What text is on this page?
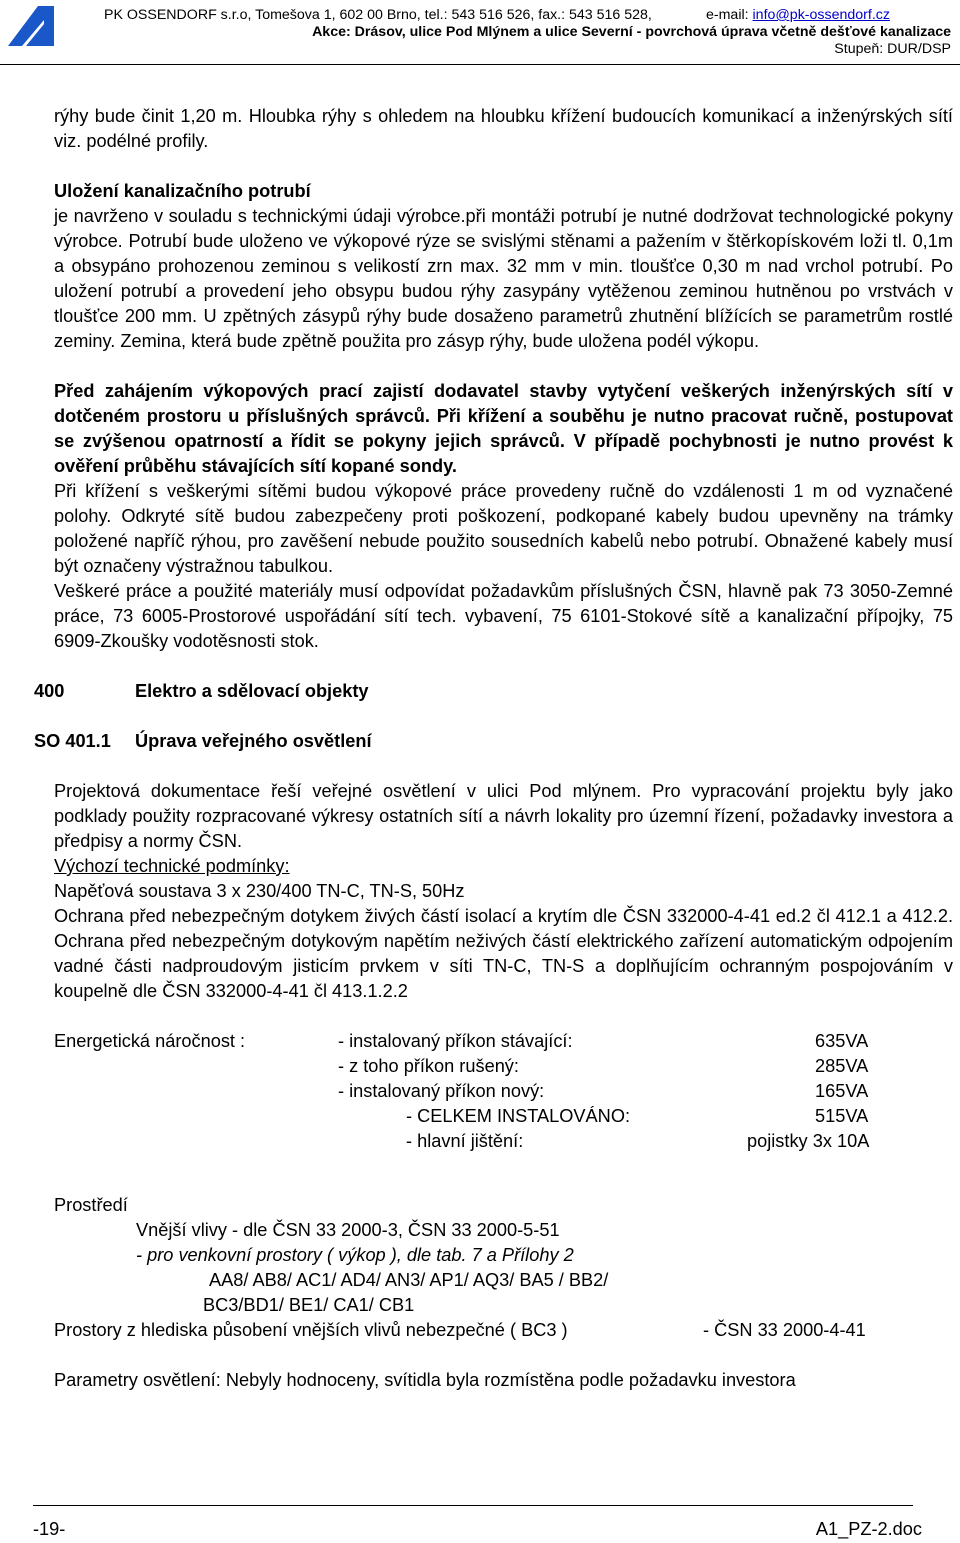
PK OSSENDORF s.r.o, Tomešova 1, 602 00 Brno, tel.: 543 516 526, fax.: 543 516 528,	e-mail: info@pk-ossendorf.cz
Akce: Drásov, ulice Pod Mlýnem a ulice Severní - povrchová úprava včetně dešťové kanalizace
Stupeň: DUR/DSP

rýhy bude činit 1,20 m. Hloubka rýhy s ohledem na hloubku křížení budoucích komunikací a inženýrských sítí viz. podélné profily.

Uložení kanalizačního potrubí

je navrženo v souladu s technickými údaji výrobce.při montáži potrubí je nutné dodržovat technologické pokyny výrobce. Potrubí bude uloženo ve výkopové rýze se svislými stěnami a pažením v štěrkopískovém loži tl. 0,1m a obsypáno prohozenou zeminou s velikostí zrn max. 32 mm v min. tloušťce 0,30 m nad vrchol potrubí. Po uložení potrubí a provedení jeho obsypu budou rýhy zasypány vytěženou zeminou hutněnou po vrstvách v tloušťce 200 mm. U zpětných zásypů rýhy bude dosaženo parametrů zhutnění blížících se parametrům rostlé zeminy. Zemina, která bude zpětně použita pro zásyp rýhy, bude uložena podél výkopu.

Před zahájením výkopových prací zajistí dodavatel stavby vytyčení veškerých inženýrských sítí v dotčeném prostoru u příslušných správců. Při křížení a souběhu je nutno pracovat ručně, postupovat se zvýšenou opatrností a řídit se pokyny jejich správců. V případě pochybnosti je nutno provést k ověření průběhu stávajících sítí kopané sondy.

Při křížení s veškerými sítěmi budou výkopové práce provedeny ručně do vzdálenosti 1 m od vyznačené polohy. Odkryté sítě budou zabezpečeny proti poškození, podkopané kabely budou upevněny na trámky položené napříč rýhou, pro zavěšení nebude použito sousedních kabelů nebo potrubí. Obnažené kabely musí být označeny výstražnou tabulkou.

Veškeré práce a použité materiály musí odpovídat požadavkům příslušných ČSN, hlavně pak 73 3050-Zemné práce, 73 6005-Prostorové uspořádání sítí tech. vybavení, 75 6101-Stokové sítě a kanalizační přípojky, 75 6909-Zkoušky vodotěsnosti stok.

400	Elektro a sdělovací objekty
SO 401.1 Úprava veřejného osvětlení

Projektová dokumentace řeší veřejné osvětlení v ulici Pod mlýnem. Pro vypracování projektu byly jako podklady použity rozpracované výkresy ostatních sítí a návrh lokality pro územní řízení, požadavky investora a předpisy a normy ČSN.

Výchozí technické podmínky:

Napěťová soustava 3 x 230/400 TN-C, TN-S, 50Hz

Ochrana před nebezpečným dotykem živých částí isolací a krytím dle ČSN 332000-4-41 ed.2 čl 412.1 a 412.2. Ochrana před nebezpečným dotykovým napětím neživých částí elektrického zařízení automatickým odpojením vadné části nadproudovým jisticím prvkem v síti TN-C, TN-S a doplňujícím ochranným pospojováním v koupelně dle ČSN 332000-4-41 čl 413.1.2.2

Energetická náročnost :	- instalovaný příkon stávající:	635VA
- z toho příkon rušený:	285VA
- instalovaný příkon nový:	165VA
- CELKEM INSTALOVÁNO:	515VA
- hlavní jištění:	pojistky 3x 10A
Prostředí
Vnější vlivy - dle ČSN 33 2000-3, ČSN 33 2000-5-51
- pro venkovní prostory ( výkop ), dle tab. 7 a Přílohy 2
AA8/ AB8/ AC1/ AD4/ AN3/ AP1/ AQ3/ BA5 / BB2/
BC3/BD1/ BE1/ CA1/ CB1
Prostory z hlediska působení vnějších vlivů nebezpečné ( BC3 )	- ČSN 33 2000-4-41
Parametry osvětlení: Nebyly hodnoceny, svítidla byla rozmístěna podle požadavku investora
-19-	A1_PZ-2.doc
